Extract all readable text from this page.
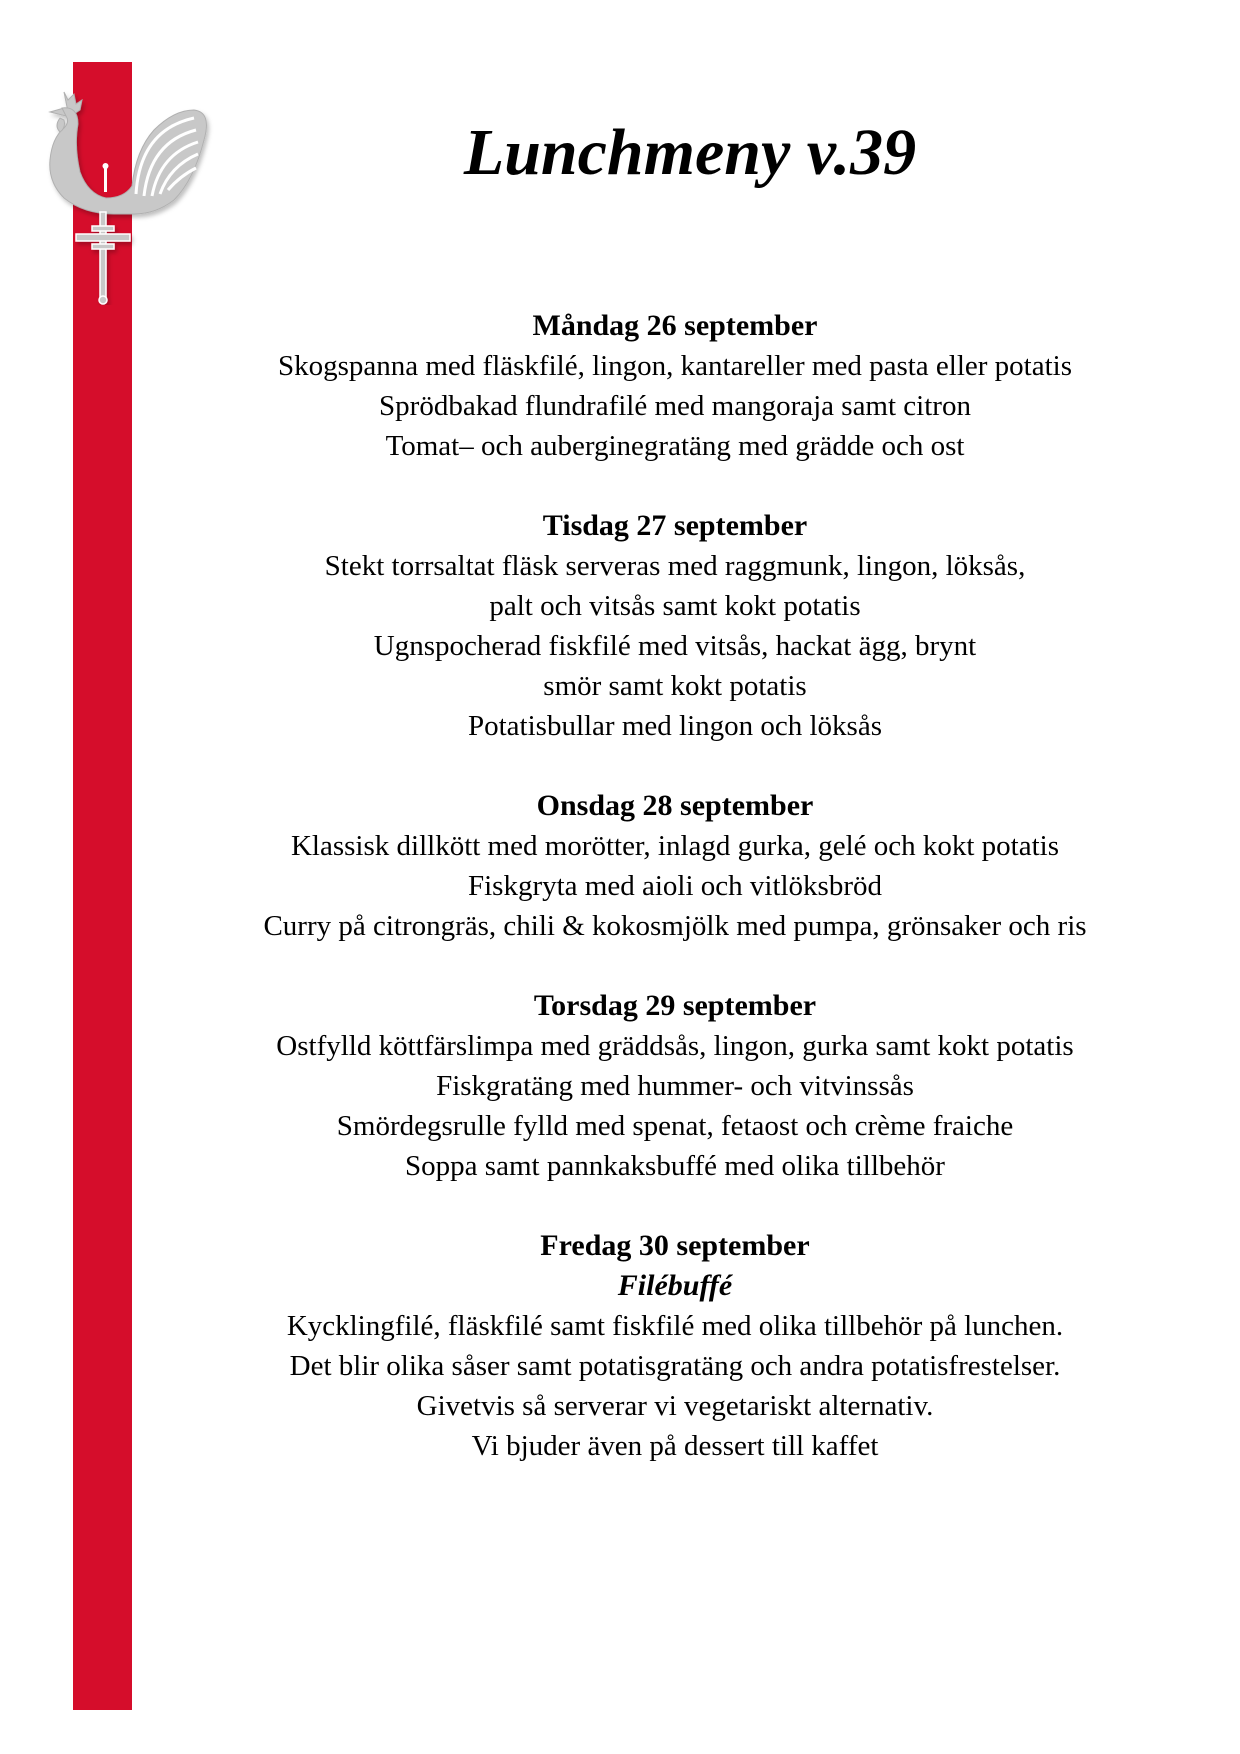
Lunchmeny v.39
Måndag 26 september
Skogspanna med fläskfilé, lingon, kantareller med pasta eller potatis
Sprödbakad flundrafilé med mangoraja samt citron
Tomat– och auberginegratäng med grädde och ost
Tisdag 27 september
Stekt torrsaltat fläsk serveras med raggmunk, lingon, löksås,
palt och vitsås samt kokt potatis
Ugnspocherad fiskfilé med vitsås, hackat ägg, brynt
smör samt kokt potatis
Potatisbullar med lingon och löksås
Onsdag 28 september
Klassisk dillkött med morötter, inlagd gurka, gelé och kokt potatis
Fiskgryta med aioli och vitlöksbröd
Curry på citrongräs, chili & kokosmjölk med pumpa, grönsaker och ris
Torsdag 29 september
Ostfylld köttfärslimpa med gräddsås, lingon, gurka samt kokt potatis
Fiskgratäng med hummer- och vitvinssås
Smördegsrulle fylld med spenat, fetaost och crème fraiche
Soppa samt pannkaksbuffé med olika tillbehör
Fredag 30 september
Filébuffé
Kycklingfilé, fläskfilé samt fiskfilé med olika tillbehör på lunchen.
Det blir olika såser samt potatisgratäng och andra potatisfrestelser.
Givetvis så serverar vi vegetariskt alternativ.
Vi bjuder även på dessert till kaffet
